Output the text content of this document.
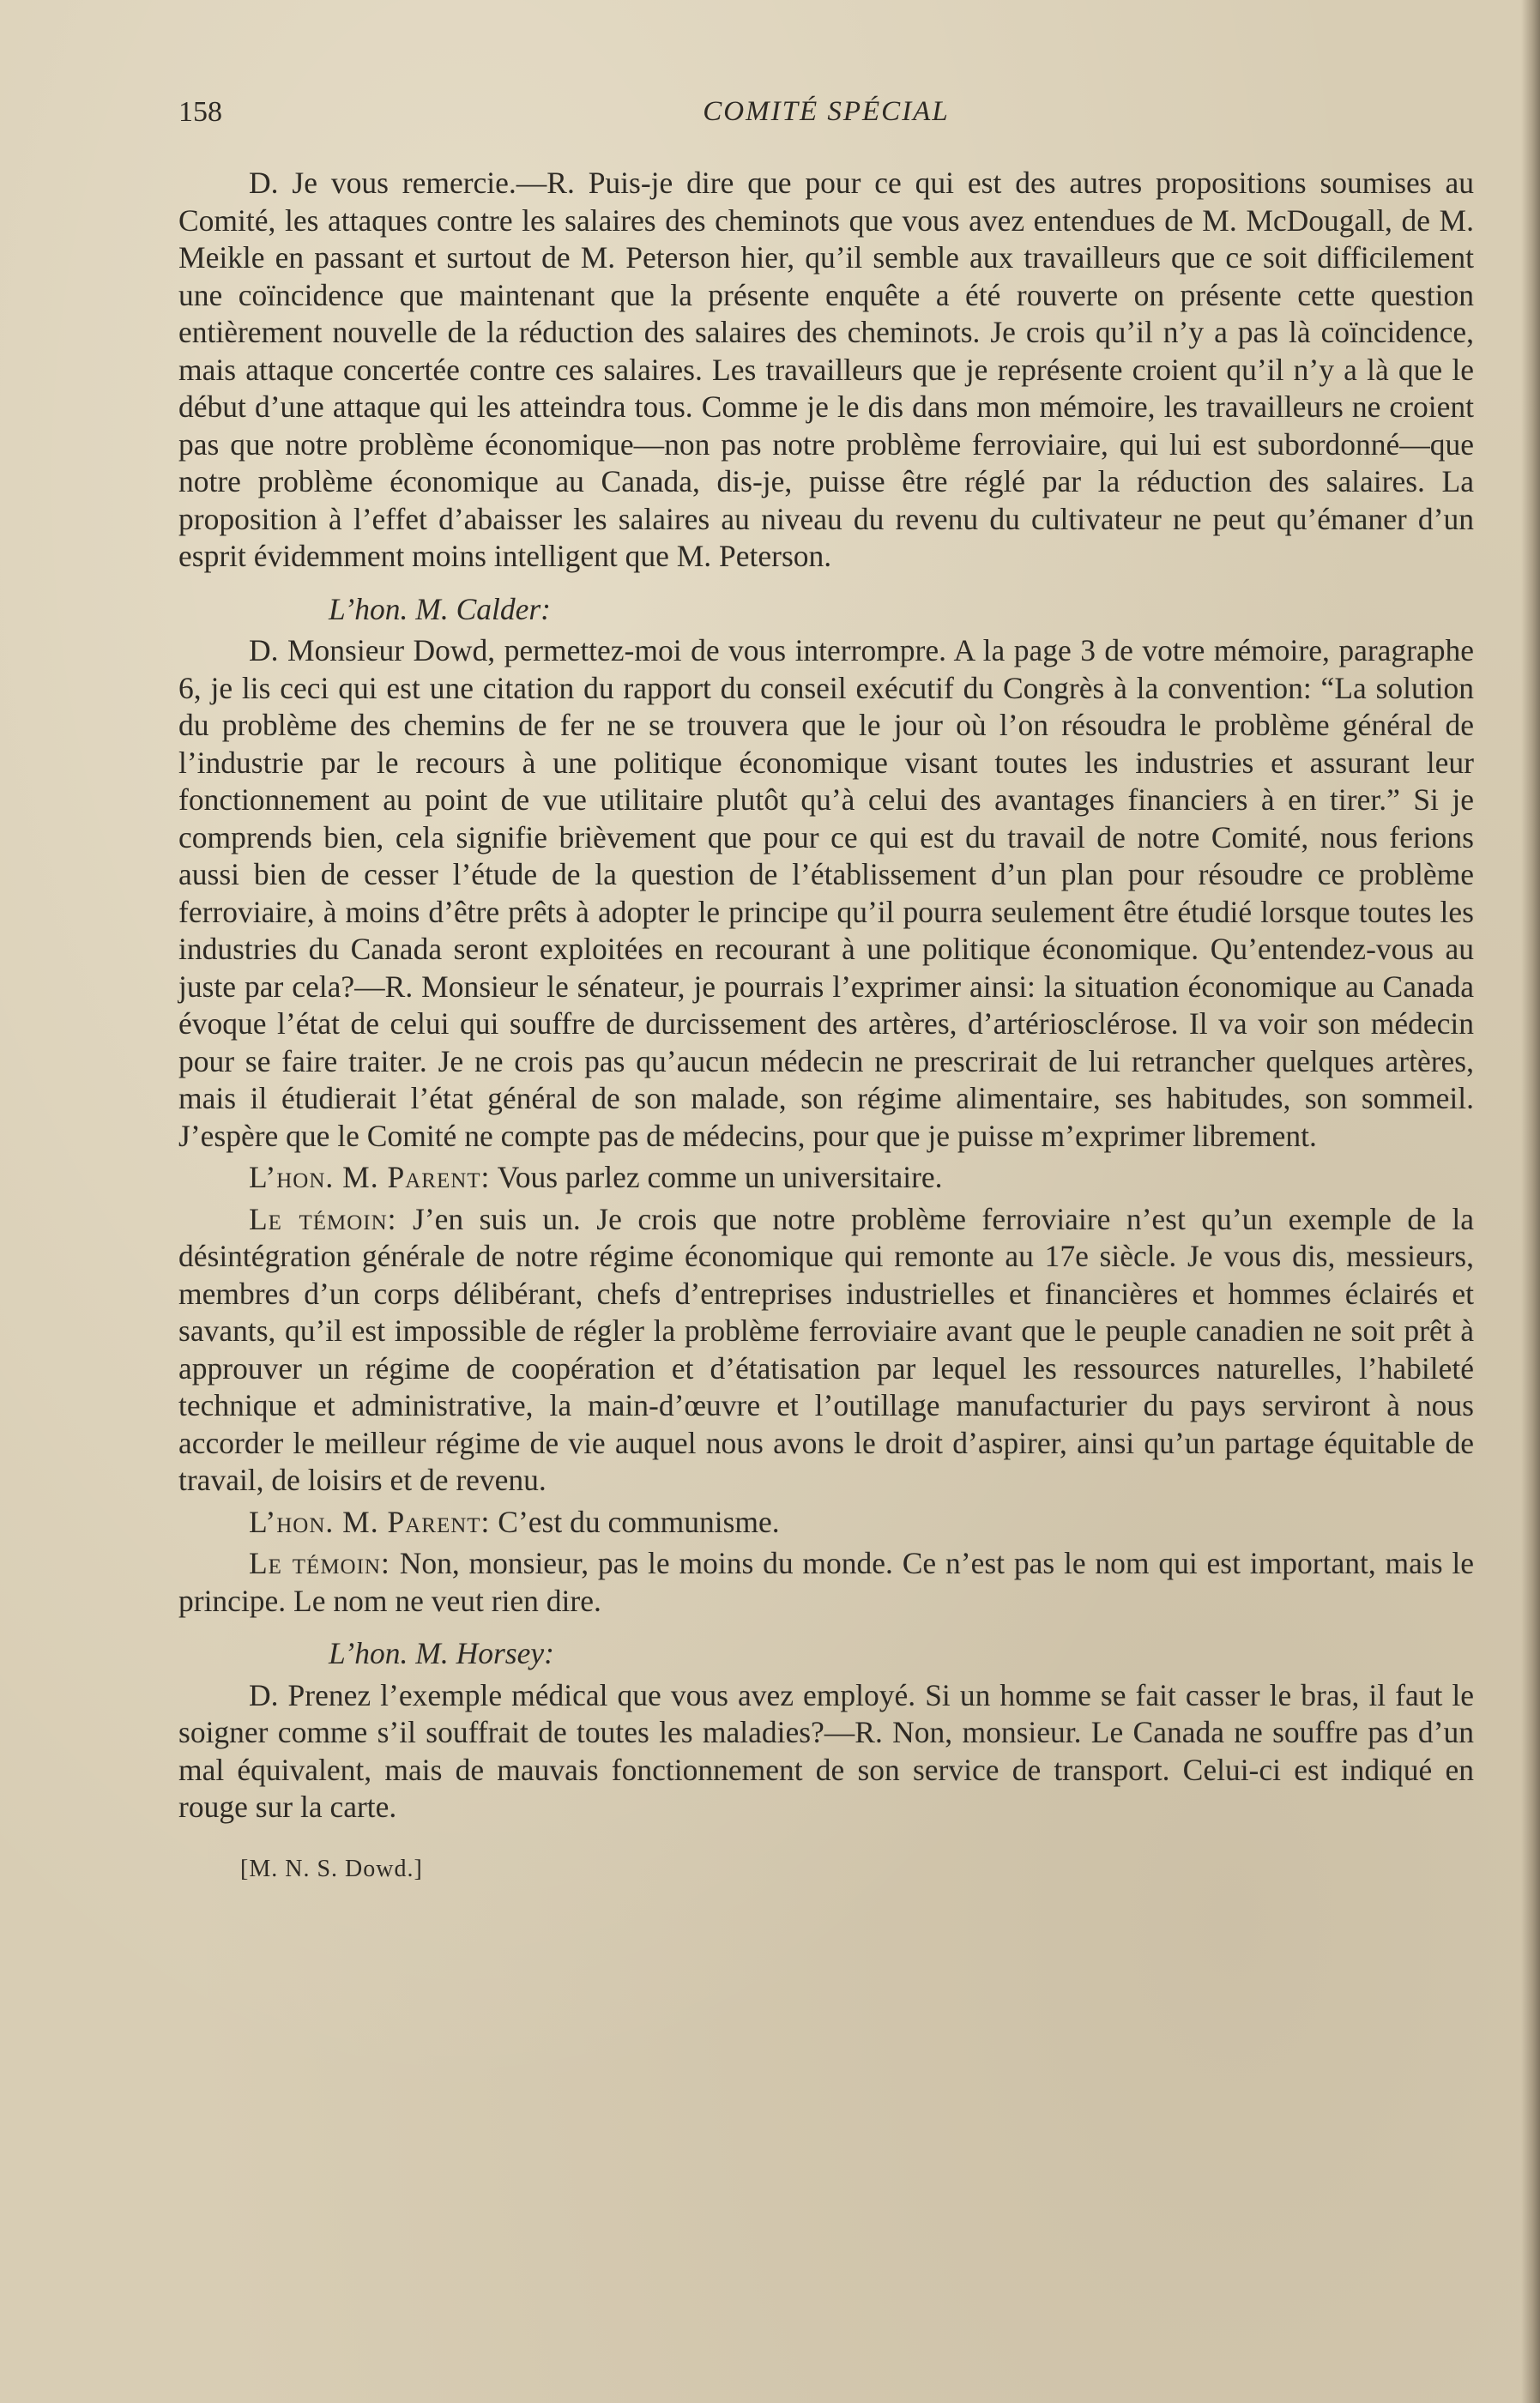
158	COMITÉ SPÉCIAL

D. Je vous remercie.—R. Puis-je dire que pour ce qui est des autres propositions soumises au Comité, les attaques contre les salaires des cheminots que vous avez entendues de M. McDougall, de M. Meikle en passant et surtout de M. Peterson hier, qu’il semble aux travailleurs que ce soit difficilement une coïncidence que maintenant que la présente enquête a été rouverte on présente cette question entièrement nouvelle de la réduction des salaires des cheminots. Je crois qu’il n’y a pas là coïncidence, mais attaque concertée contre ces salaires. Les travailleurs que je représente croient qu’il n’y a là que le début d’une attaque qui les atteindra tous. Comme je le dis dans mon mémoire, les travailleurs ne croient pas que notre problème économique—non pas notre problème ferroviaire, qui lui est subordonné—que notre problème économique au Canada, dis-je, puisse être réglé par la réduction des salaires. La proposition à l’effet d’abaisser les salaires au niveau du revenu du cultivateur ne peut qu’émaner d’un esprit évidemment moins intelligent que M. Peterson.

L’hon. M. Calder:

D. Monsieur Dowd, permettez-moi de vous interrompre. A la page 3 de votre mémoire, paragraphe 6, je lis ceci qui est une citation du rapport du conseil exécutif du Congrès à la convention: “La solution du problème des chemins de fer ne se trouvera que le jour où l’on résoudra le problème général de l’industrie par le recours à une politique économique visant toutes les industries et assurant leur fonctionnement au point de vue utilitaire plutôt qu’à celui des avantages financiers à en tirer.” Si je comprends bien, cela signifie brièvement que pour ce qui est du travail de notre Comité, nous ferions aussi bien de cesser l’étude de la question de l’établissement d’un plan pour résoudre ce problème ferroviaire, à moins d’être prêts à adopter le principe qu’il pourra seulement être étudié lorsque toutes les industries du Canada seront exploitées en recourant à une politique économique. Qu’entendez-vous au juste par cela?—R. Monsieur le sénateur, je pourrais l’exprimer ainsi: la situation économique au Canada évoque l’état de celui qui souffre de durcissement des artères, d’artériosclérose. Il va voir son médecin pour se faire traiter. Je ne crois pas qu’aucun médecin ne prescrirait de lui retrancher quelques artères, mais il étudierait l’état général de son malade, son régime alimentaire, ses habitudes, son sommeil. J’espère que le Comité ne compte pas de médecins, pour que je puisse m’exprimer librement.

L’hon. M. Parent: Vous parlez comme un universitaire.

Le témoin: J’en suis un. Je crois que notre problème ferroviaire n’est qu’un exemple de la désintégration générale de notre régime économique qui remonte au 17e siècle. Je vous dis, messieurs, membres d’un corps délibérant, chefs d’entreprises industrielles et financières et hommes éclairés et savants, qu’il est impossible de régler la problème ferroviaire avant que le peuple canadien ne soit prêt à approuver un régime de coopération et d’étatisation par lequel les ressources naturelles, l’habileté technique et administrative, la main-d’œuvre et l’outillage manufacturier du pays serviront à nous accorder le meilleur régime de vie auquel nous avons le droit d’aspirer, ainsi qu’un partage équitable de travail, de loisirs et de revenu.

L’hon. M. Parent: C’est du communisme.

Le témoin: Non, monsieur, pas le moins du monde. Ce n’est pas le nom qui est important, mais le principe. Le nom ne veut rien dire.

L’hon. M. Horsey:

D. Prenez l’exemple médical que vous avez employé. Si un homme se fait casser le bras, il faut le soigner comme s’il souffrait de toutes les maladies?—R. Non, monsieur. Le Canada ne souffre pas d’un mal équivalent, mais de mauvais fonctionnement de son service de transport. Celui-ci est indiqué en rouge sur la carte.

[M. N. S. Dowd.]
